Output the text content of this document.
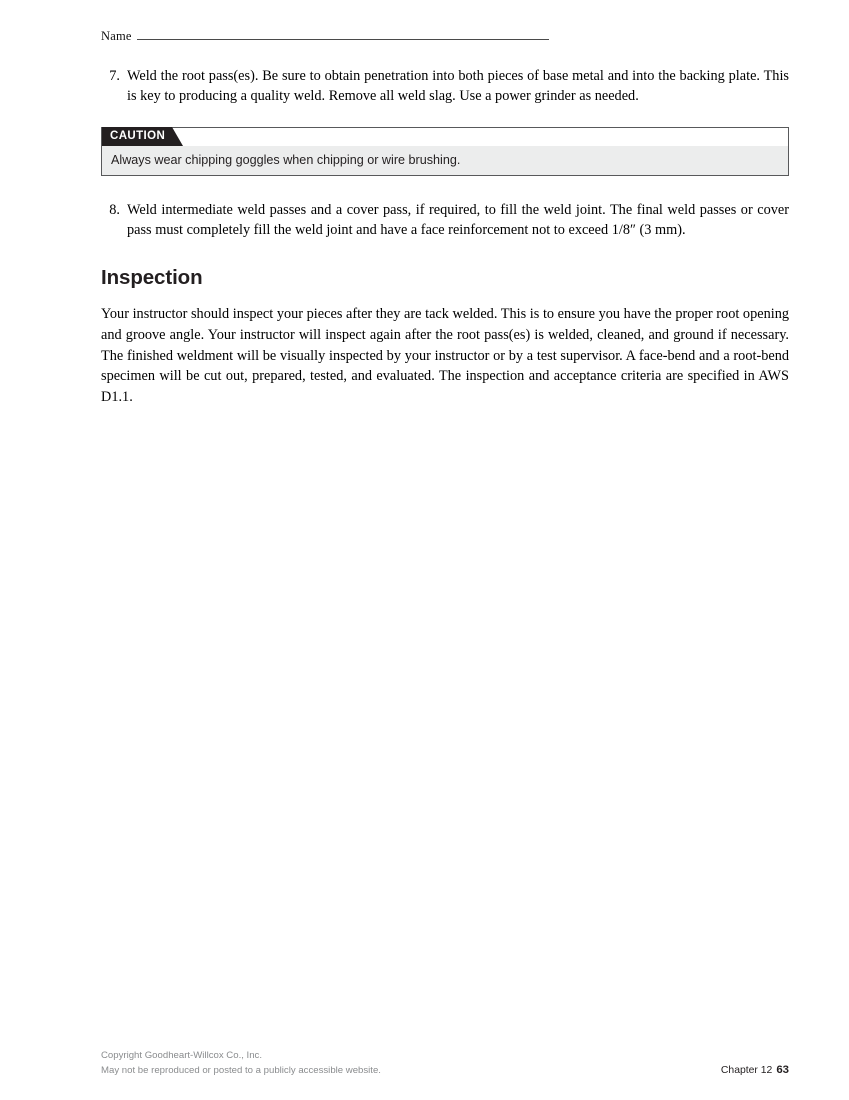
Name
7. Weld the root pass(es). Be sure to obtain penetration into both pieces of base metal and into the backing plate. This is key to producing a quality weld. Remove all weld slag. Use a power grinder as needed.
CAUTION
Always wear chipping goggles when chipping or wire brushing.
8. Weld intermediate weld passes and a cover pass, if required, to fill the weld joint. The final weld passes or cover pass must completely fill the weld joint and have a face reinforcement not to exceed 1/8″ (3 mm).
Inspection

Your instructor should inspect your pieces after they are tack welded. This is to ensure you have the proper root opening and groove angle. Your instructor will inspect again after the root pass(es) is welded, cleaned, and ground if necessary. The finished weldment will be visually inspected by your instructor or by a test supervisor. A face-bend and a root-bend specimen will be cut out, prepared, tested, and evaluated. The inspection and acceptance criteria are specified in AWS D1.1.

Copyright Goodheart-Willcox Co., Inc.
May not be reproduced or posted to a publicly accessible website.	Chapter 12 63
